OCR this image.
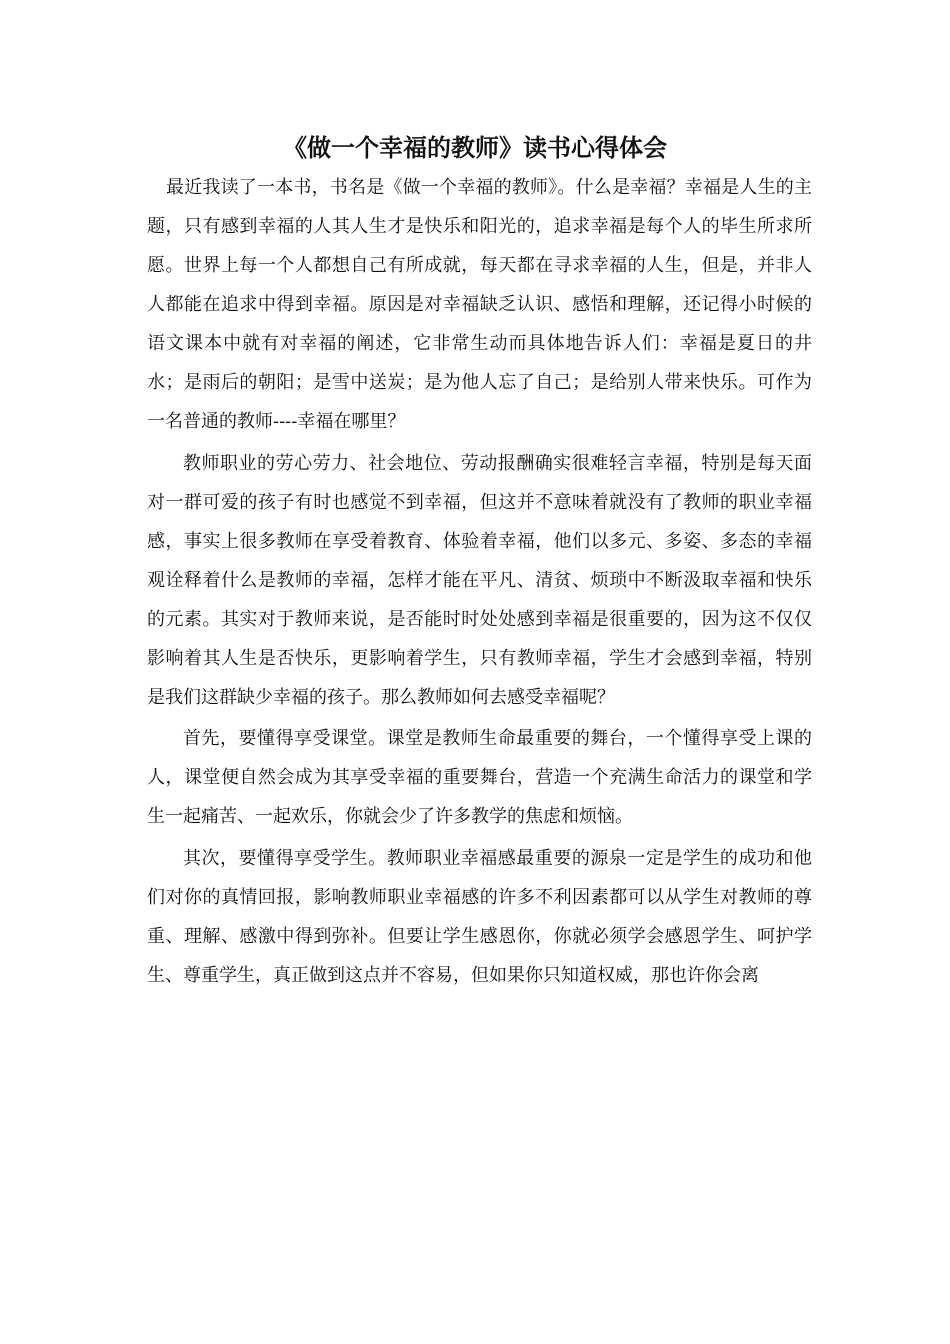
《做一个幸福的教师》读书心得体会

最近我读了一本书，书名是《做一个幸福的教师》。什么是幸福？幸福是人生的主题，只有感到幸福的人其人生才是快乐和阳光的，追求幸福是每个人的毕生所求所愿。世界上每一个人都想自己有所成就，每天都在寻求幸福的人生，但是，并非人人都能在追求中得到幸福。原因是对幸福缺乏认识、感悟和理解，还记得小时候的语文课本中就有对幸福的阐述，它非常生动而具体地告诉人们：幸福是夏日的井水；是雨后的朝阳；是雪中送炭；是为他人忘了自己；是给别人带来快乐。可作为一名普通的教师----幸福在哪里？

教师职业的劳心劳力、社会地位、劳动报酬确实很难轻言幸福，特别是每天面对一群可爱的孩子有时也感觉不到幸福，但这并不意味着就没有了教师的职业幸福感，事实上很多教师在享受着教育、体验着幸福，他们以多元、多姿、多态的幸福观诠释着什么是教师的幸福，怎样才能在平凡、清贫、烦琐中不断汲取幸福和快乐的元素。其实对于教师来说，是否能时时处处感到幸福是很重要的，因为这不仅仅影响着其人生是否快乐，更影响着学生，只有教师幸福，学生才会感到幸福，特别是我们这群缺少幸福的孩子。那么教师如何去感受幸福呢？

首先，要懂得享受课堂。课堂是教师生命最重要的舞台，一个懂得享受上课的人，课堂便自然会成为其享受幸福的重要舞台，营造一个充满生命活力的课堂和学生一起痛苦、一起欢乐，你就会少了许多教学的焦虑和烦恼。

其次，要懂得享受学生。教师职业幸福感最重要的源泉一定是学生的成功和他们对你的真情回报，影响教师职业幸福感的许多不利因素都可以从学生对教师的尊重、理解、感激中得到弥补。但要让学生感恩你，你就必须学会感恩学生、呵护学生、尊重学生，真正做到这点并不容易，但如果你只知道权威，那也许你会离
